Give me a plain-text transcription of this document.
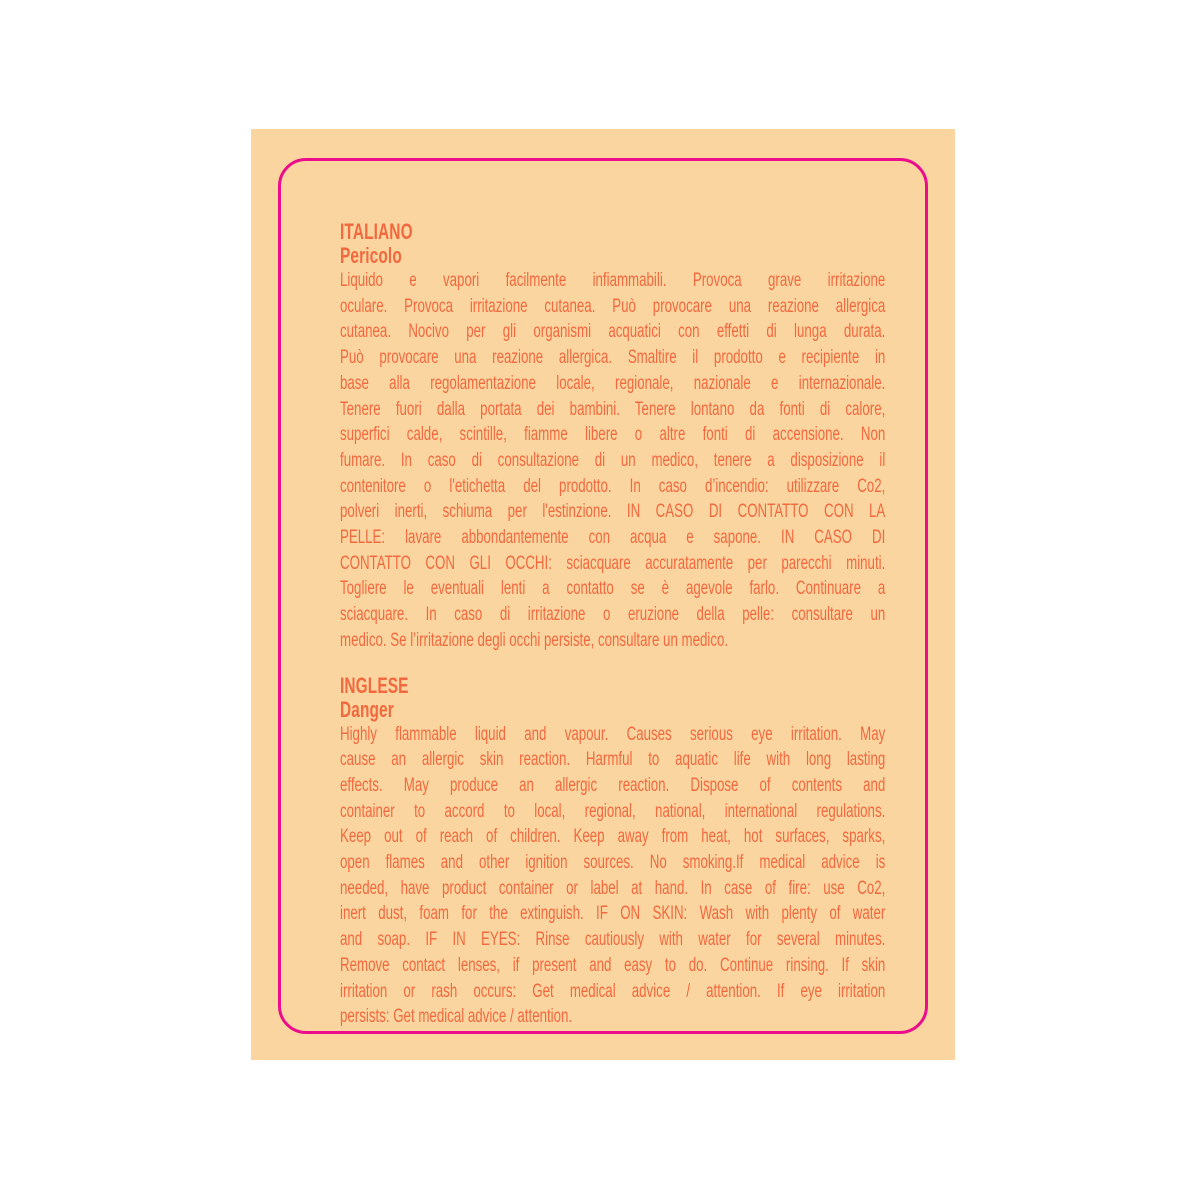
ITALIANO
Pericolo
Liquido e vapori facilmente infiammabili. Provoca grave irritazione
oculare. Provoca irritazione cutanea. Può provocare una reazione allergica
cutanea. Nocivo per gli organismi acquatici con effetti di lunga durata.
Può provocare una reazione allergica. Smaltire il prodotto e recipiente in
base alla regolamentazione locale, regionale, nazionale e internazionale.
Tenere fuori dalla portata dei bambini. Tenere lontano da fonti di calore,
superfici calde, scintille, fiamme libere o altre fonti di accensione. Non
fumare. In caso di consultazione di un medico, tenere a disposizione il
contenitore o l'etichetta del prodotto. In caso d’incendio: utilizzare Co2,
polveri inerti, schiuma per l'estinzione. IN CASO DI CONTATTO CON LA
PELLE: lavare abbondantemente con acqua e sapone. IN CASO DI
CONTATTO CON GLI OCCHI: sciacquare accuratamente per parecchi minuti.
Togliere le eventuali lenti a contatto se è agevole farlo. Continuare a
sciacquare. In caso di irritazione o eruzione della pelle: consultare un
medico. Se l’irritazione degli occhi persiste, consultare un medico.
INGLESE
Danger
Highly flammable liquid and vapour. Causes serious eye irritation. May
cause an allergic skin reaction. Harmful to aquatic life with long lasting
effects. May produce an allergic reaction. Dispose of contents and
container to accord to local, regional, national, international regulations.
Keep out of reach of children. Keep away from heat, hot surfaces, sparks,
open flames and other ignition sources. No smoking.If medical advice is
needed, have product container or label at hand. In case of fire: use Co2,
inert dust, foam for the extinguish. IF ON SKIN: Wash with plenty of water
and soap. IF IN EYES: Rinse cautiously with water for several minutes.
Remove contact lenses, if present and easy to do. Continue rinsing. If skin
irritation or rash occurs: Get medical advice / attention. If eye irritation
persists: Get medical advice / attention.
